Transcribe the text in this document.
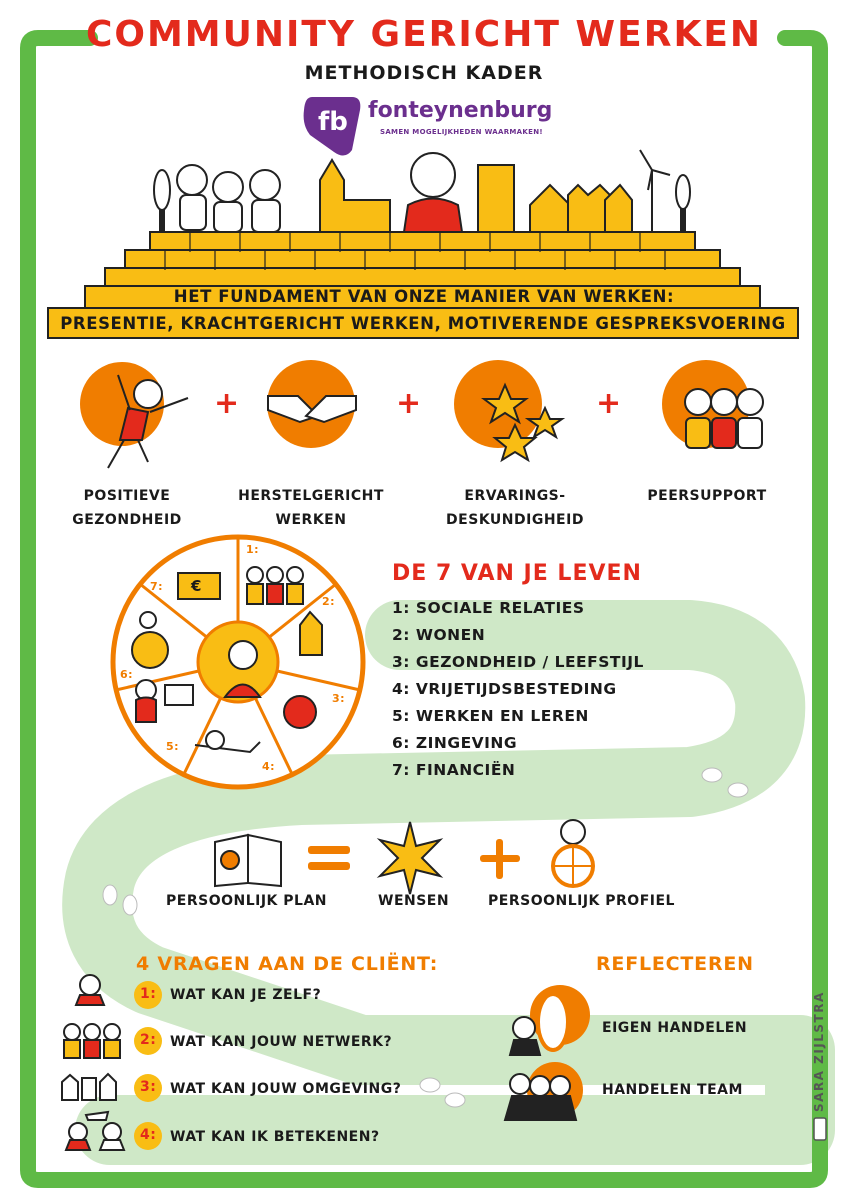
fb
COMMUNITY GERICHT WERKEN
METHODISCH KADER
fonteynenburg
SAMEN MOGELIJKHEDEN WAARMAKEN!
HET FUNDAMENT VAN ONZE MANIER VAN WERKEN:
PRESENTIE, KRACHTGERICHT WERKEN, MOTIVERENDE GESPREKSVOERING
+	+	+
POSITIEVE
GEZONDHEID
HERSTELGERICHT
WERKEN
ERVARINGS-
DESKUNDIGHEID
PEERSUPPORT
1:
2:
3:
4:
5:
6:
7: €	DE 7 VAN JE LEVEN
1: SOCIALE RELATIES
2: WONEN
3: GEZONDHEID / LEEFSTIJL
4: VRIJETIJDSBESTEDING
5: WERKEN EN LEREN
6: ZINGEVING
7: FINANCIËN
PERSOONLIJK PLAN	WENSEN	PERSOONLIJK PROFIEL
4 VRAGEN AAN DE CLIËNT:
1: WAT KAN JE ZELF?
2: WAT KAN JOUW NETWERK?
3: WAT KAN JOUW OMGEVING?
4: WAT KAN IK BETEKENEN?
REFLECTEREN
EIGEN HANDELEN
HANDELEN TEAM	SARA ZIJLSTRA
